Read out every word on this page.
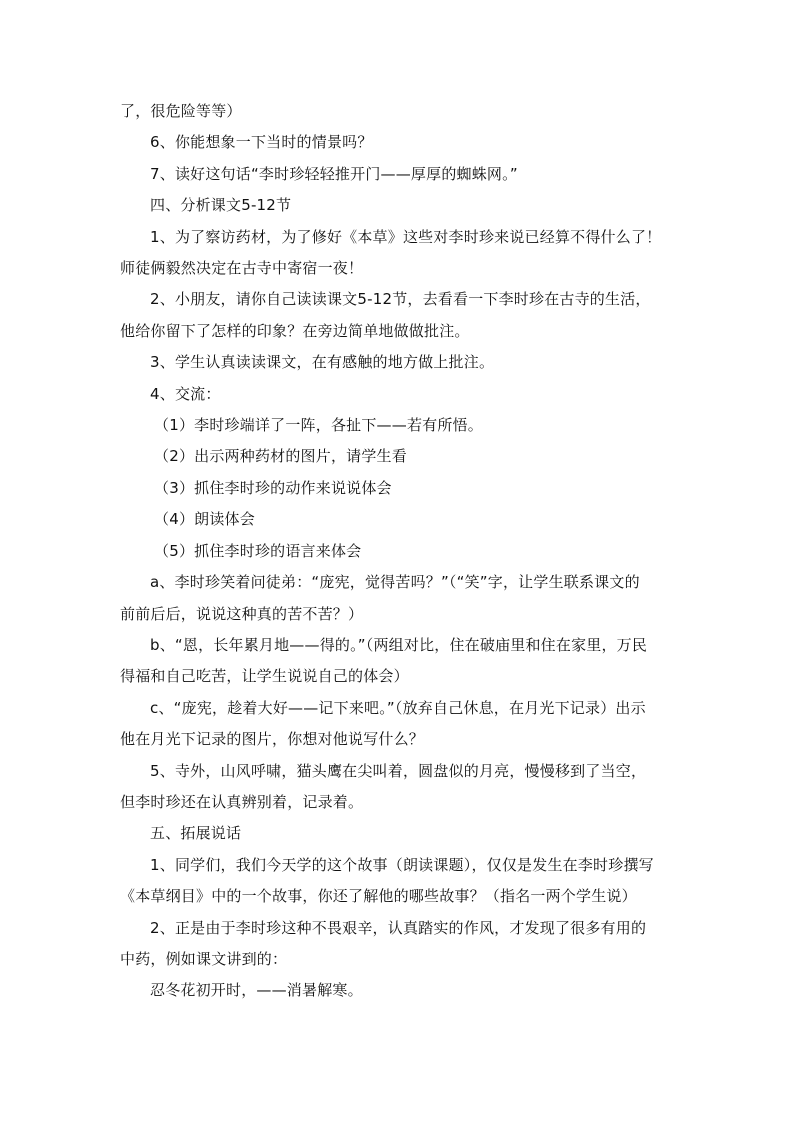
了，很危险等等）
6、你能想象一下当时的情景吗？
7、读好这句话“李时珍轻轻推开门——厚厚的蜘蛛网。”
四、分析课文5-12节
1、为了察访药材，为了修好《本草》这些对李时珍来说已经算不得什么了！
师徒俩毅然决定在古寺中寄宿一夜！
2、小朋友，请你自己读读课文5-12节，去看看一下李时珍在古寺的生活，
他给你留下了怎样的印象？在旁边简单地做做批注。
3、学生认真读读课文，在有感触的地方做上批注。
4、交流：
（1）李时珍端详了一阵，各扯下——若有所悟。
（2）出示两种药材的图片，请学生看
（3）抓住李时珍的动作来说说体会
（4）朗读体会
（5）抓住李时珍的语言来体会
a、李时珍笑着问徒弟：“庞宪，觉得苦吗？”（“笑”字，让学生联系课文的
前前后后，说说这种真的苦不苦？）
b、“恩，长年累月地——得的。”（两组对比，住在破庙里和住在家里，万民
得福和自己吃苦，让学生说说自己的体会）
c、“庞宪，趁着大好——记下来吧。”（放弃自己休息，在月光下记录）出示
他在月光下记录的图片，你想对他说写什么？
5、寺外，山风呼啸，猫头鹰在尖叫着，圆盘似的月亮，慢慢移到了当空，
但李时珍还在认真辨别着，记录着。
五、拓展说话
1、同学们，我们今天学的这个故事（朗读课题），仅仅是发生在李时珍撰写
《本草纲目》中的一个故事，你还了解他的哪些故事？（指名一两个学生说）
2、正是由于李时珍这种不畏艰辛，认真踏实的作风，才发现了很多有用的
中药，例如课文讲到的：
忍冬花初开时，——消暑解寒。
